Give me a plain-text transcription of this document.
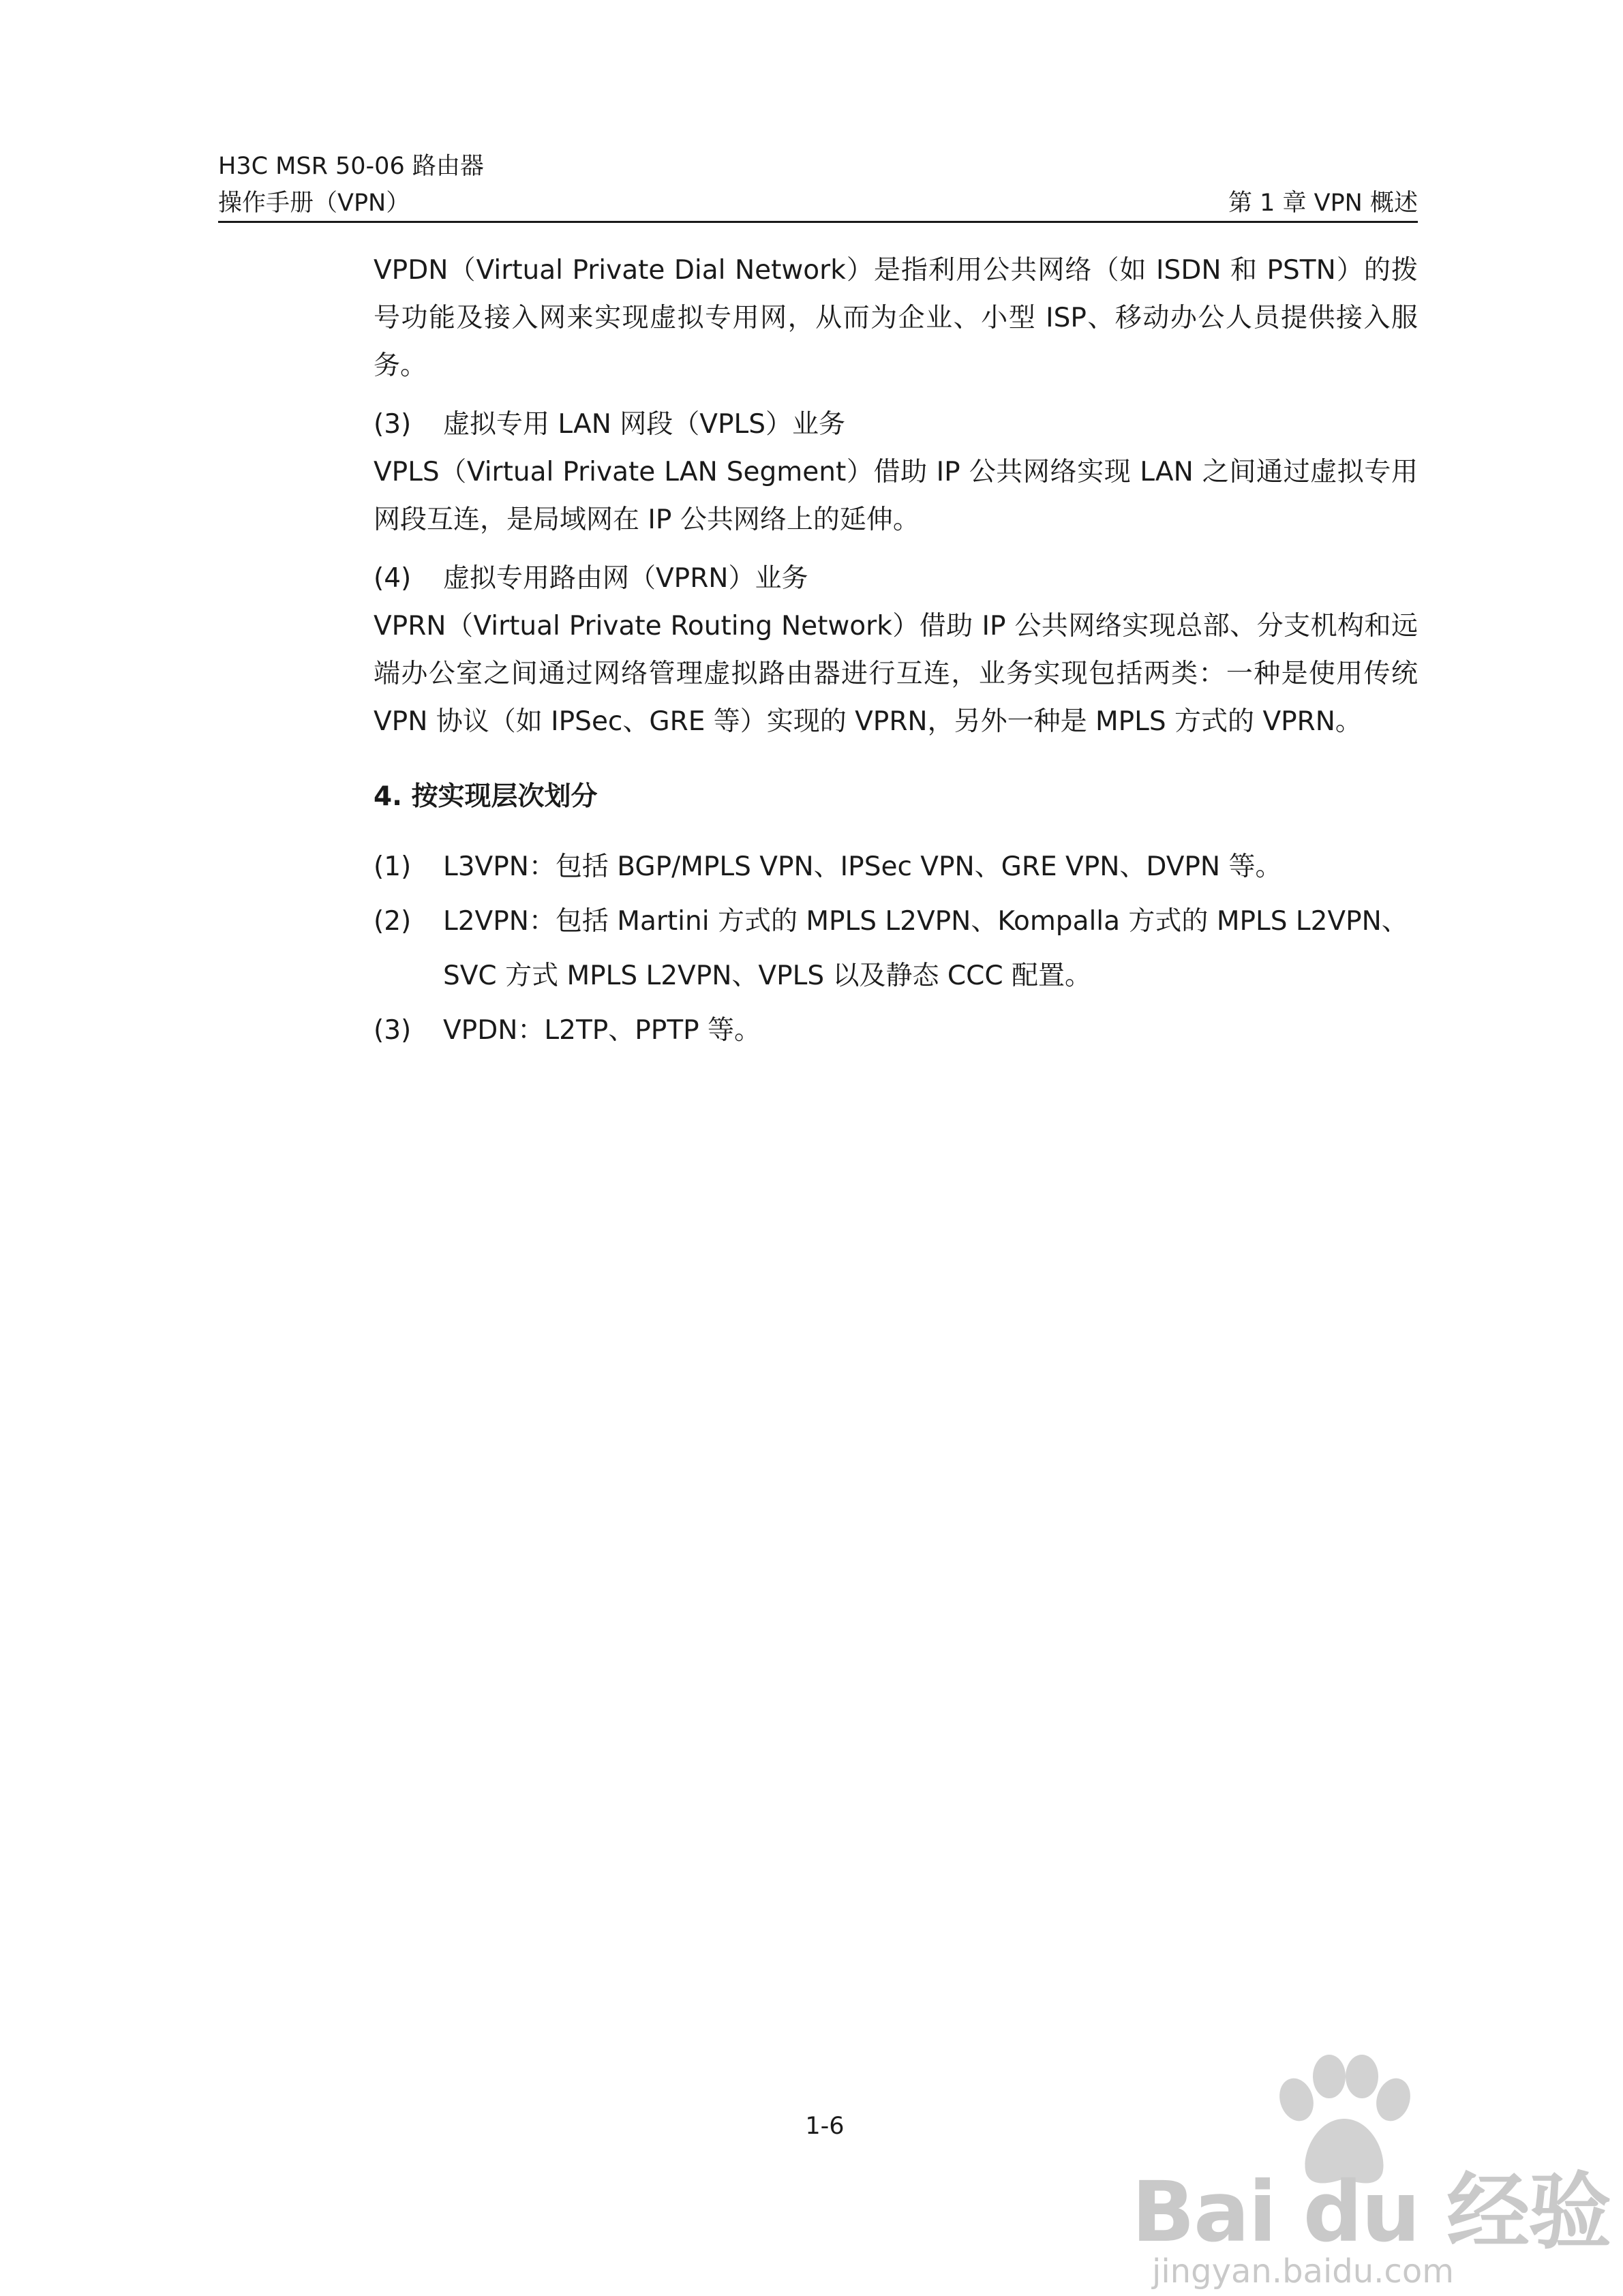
H3C MSR 50-06 路由器
操作手册（VPN）	第 1 章 VPN 概述

VPDN（Virtual Private Dial Network）是指利用公共网络（如 ISDN 和 PSTN）的拨号功能及接入网来实现虚拟专用网，从而为企业、小型 ISP、移动办公人员提供接入服务。

(3) 虚拟专用 LAN 网段（VPLS）业务

VPLS（Virtual Private LAN Segment）借助 IP 公共网络实现 LAN 之间通过虚拟专用网段互连，是局域网在 IP 公共网络上的延伸。

(4) 虚拟专用路由网（VPRN）业务

VPRN（Virtual Private Routing Network）借助 IP 公共网络实现总部、分支机构和远端办公室之间通过网络管理虚拟路由器进行互连，业务实现包括两类：一种是使用传统 VPN 协议（如 IPSec、GRE 等）实现的 VPRN，另外一种是 MPLS 方式的 VPRN。

4. 按实现层次划分
(1) L3VPN：包括 BGP/MPLS VPN、IPSec VPN、GRE VPN、DVPN 等。
(2) L2VPN：包括 Martini 方式的 MPLS L2VPN、Kompalla 方式的 MPLS L2VPN、SVC 方式 MPLS L2VPN、VPLS 以及静态 CCC 配置。
(3) VPDN：L2TP、PPTP 等。
1-6
Bai du 经验
jingyan.baidu.com
